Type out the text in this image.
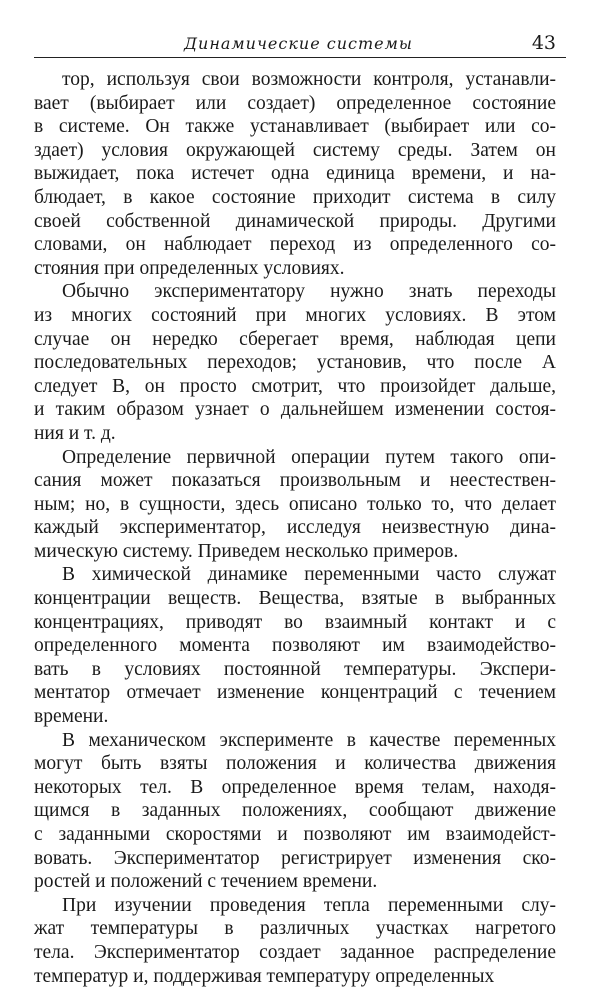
Динамические системы	43
тор, используя свои возможности контроля, устанавли-
вает (выбирает или создает) определенное состояние
в системе. Он также устанавливает (выбирает или со-
здает) условия окружающей систему среды. Затем он
выжидает, пока истечет одна единица времени, и на-
блюдает, в какое состояние приходит система в силу
своей собственной динамической природы. Другими
словами, он наблюдает переход из определенного со-
стояния при определенных условиях.
Обычно экспериментатору нужно знать переходы
из многих состояний при многих условиях. В этом
случае он нередко сберегает время, наблюдая цепи
последовательных переходов; установив, что после A
следует B, он просто смотрит, что произойдет дальше,
и таким образом узнает о дальнейшем изменении состоя-
ния и т. д.
Определение первичной операции путем такого опи-
сания может показаться произвольным и неестествен-
ным; но, в сущности, здесь описано только то, что делает
каждый экспериментатор, исследуя неизвестную дина-
мическую систему. Приведем несколько примеров.
В химической динамике переменными часто служат
концентрации веществ. Вещества, взятые в выбранных
концентрациях, приводят во взаимный контакт и с
определенного момента позволяют им взаимодейство-
вать в условиях постоянной температуры. Экспери-
ментатор отмечает изменение концентраций с течением
времени.
В механическом эксперименте в качестве переменных
могут быть взяты положения и количества движения
некоторых тел. В определенное время телам, находя-
щимся в заданных положениях, сообщают движение
с заданными скоростями и позволяют им взаимодейст-
вовать. Экспериментатор регистрирует изменения ско-
ростей и положений с течением времени.
При изучении проведения тепла переменными слу-
жат температуры в различных участках нагретого
тела. Экспериментатор создает заданное распределение
температур и, поддерживая температуру определенных
